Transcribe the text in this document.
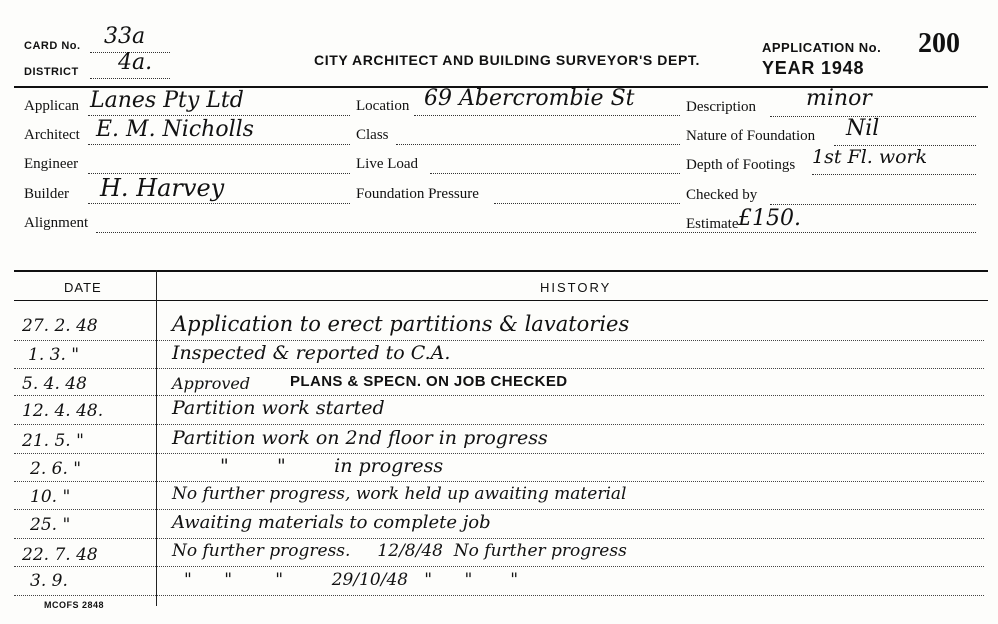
CARD No. 33a
DISTRICT 4a.	CITY ARCHITECT AND BUILDING SURVEYOR'S DEPT.
APPLICATION No. 200
YEAR 1948
Applican Lanes Pty Ltd
Architect E. M. Nicholls
Engineer
Builder H. Harvey
Alignment
Location 69 Abercrombie St
Class
Live Load
Foundation Pressure
Description minor
Nature of Foundation Nil
Depth of Footings 1st Fl. work
Checked by
Estimate £150.
DATE	HISTORY
27. 2. 48	Application to erect partitions & lavatories
1. 3. "	Inspected & reported to C.A.
5. 4. 48	Approved	PLANS & SPECN. ON JOB CHECKED
12. 4. 48.	Partition work started
21. 5. "	Partition work on 2nd floor in progress
2. 6. "	"        "        in progress
10. "	No further progress, work held up awaiting material
25. "	Awaiting materials to complete job
22. 7. 48	No further progress.     12/8/48  No further progress
3. 9.	"      "        "         29/10/48   "      "       "
MCOFS 2848
